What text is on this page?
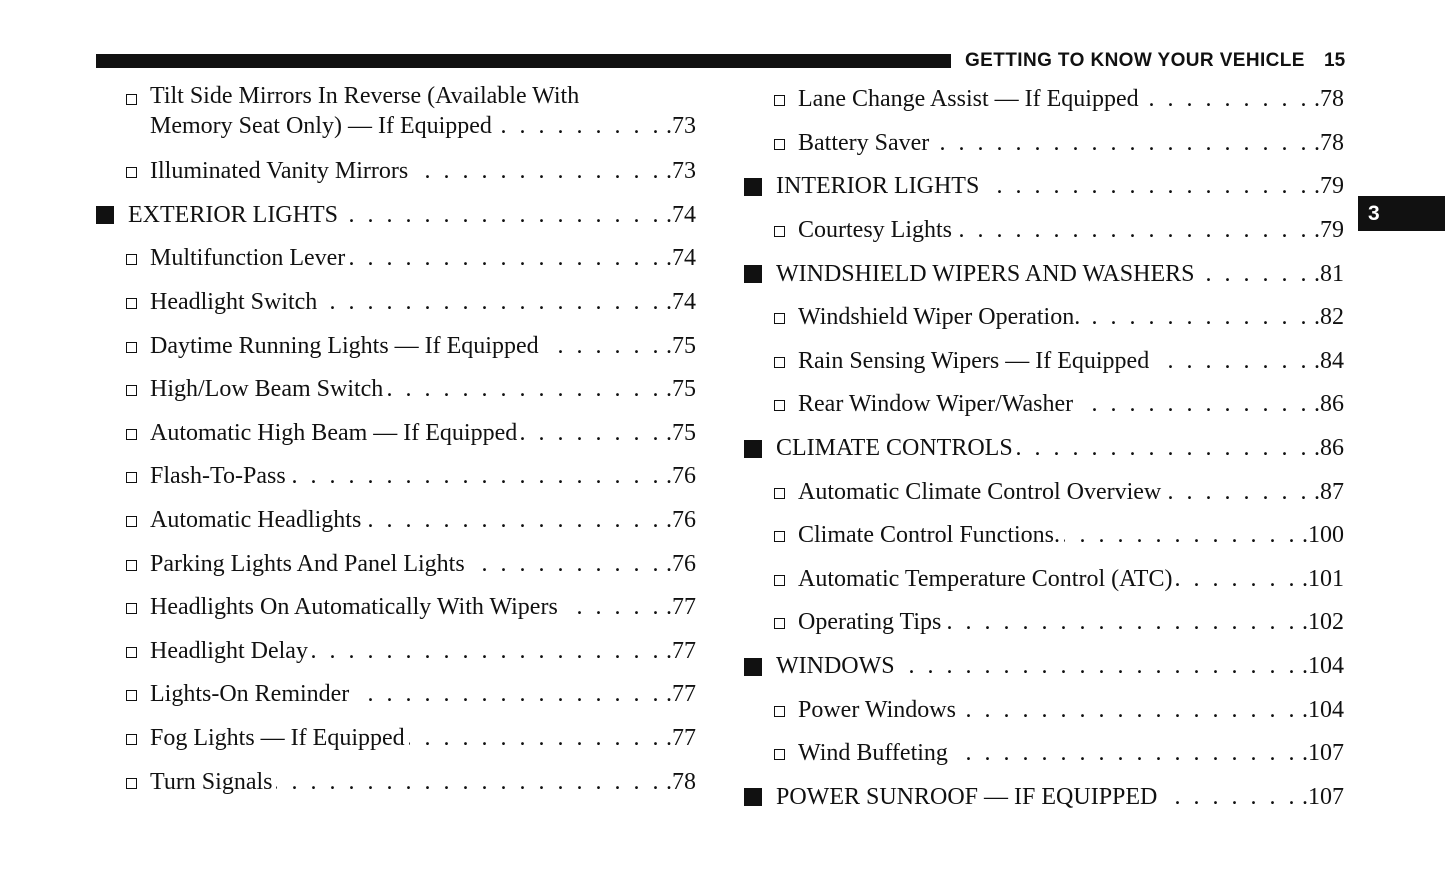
GETTING TO KNOW YOUR VEHICLE 15
3
Tilt Side Mirrors In Reverse (Available With
Memory Seat Only) — If Equipped . . .	.73
Illuminated Vanity Mirrors . . .	.73
EXTERIOR LIGHTS . . .	.74
Multifunction Lever . . .	.74
Headlight Switch . . .	.74
Daytime Running Lights — If Equipped . . .	.75
High/Low Beam Switch . . .	.75
Automatic High Beam — If Equipped . . .	.75
Flash-To-Pass . . .	.76
Automatic Headlights . . .	.76
Parking Lights And Panel Lights . . .	.76
Headlights On Automatically With Wipers . . .	.77
Headlight Delay . . .	.77
Lights-On Reminder . . .	.77
Fog Lights — If Equipped . . .	.77
Turn Signals . . .	.78
Lane Change Assist — If Equipped . . .	.78
Battery Saver . . .	.78
INTERIOR LIGHTS . . .	.79
Courtesy Lights . . .	.79
WINDSHIELD WIPERS AND WASHERS . . .	.81
Windshield Wiper Operation. . . .	.82
Rain Sensing Wipers — If Equipped . . .	.84
Rear Window Wiper/Washer . . .	.86
CLIMATE CONTROLS . . .	.86
Automatic Climate Control Overview . . .	.87
Climate Control Functions. . . .	.100
Automatic Temperature Control (ATC) . . .	.101
Operating Tips . . .	.102
WINDOWS . . .	.104
Power Windows . . .	.104
Wind Buffeting . . .	.107
POWER SUNROOF — IF EQUIPPED . . .	.107
